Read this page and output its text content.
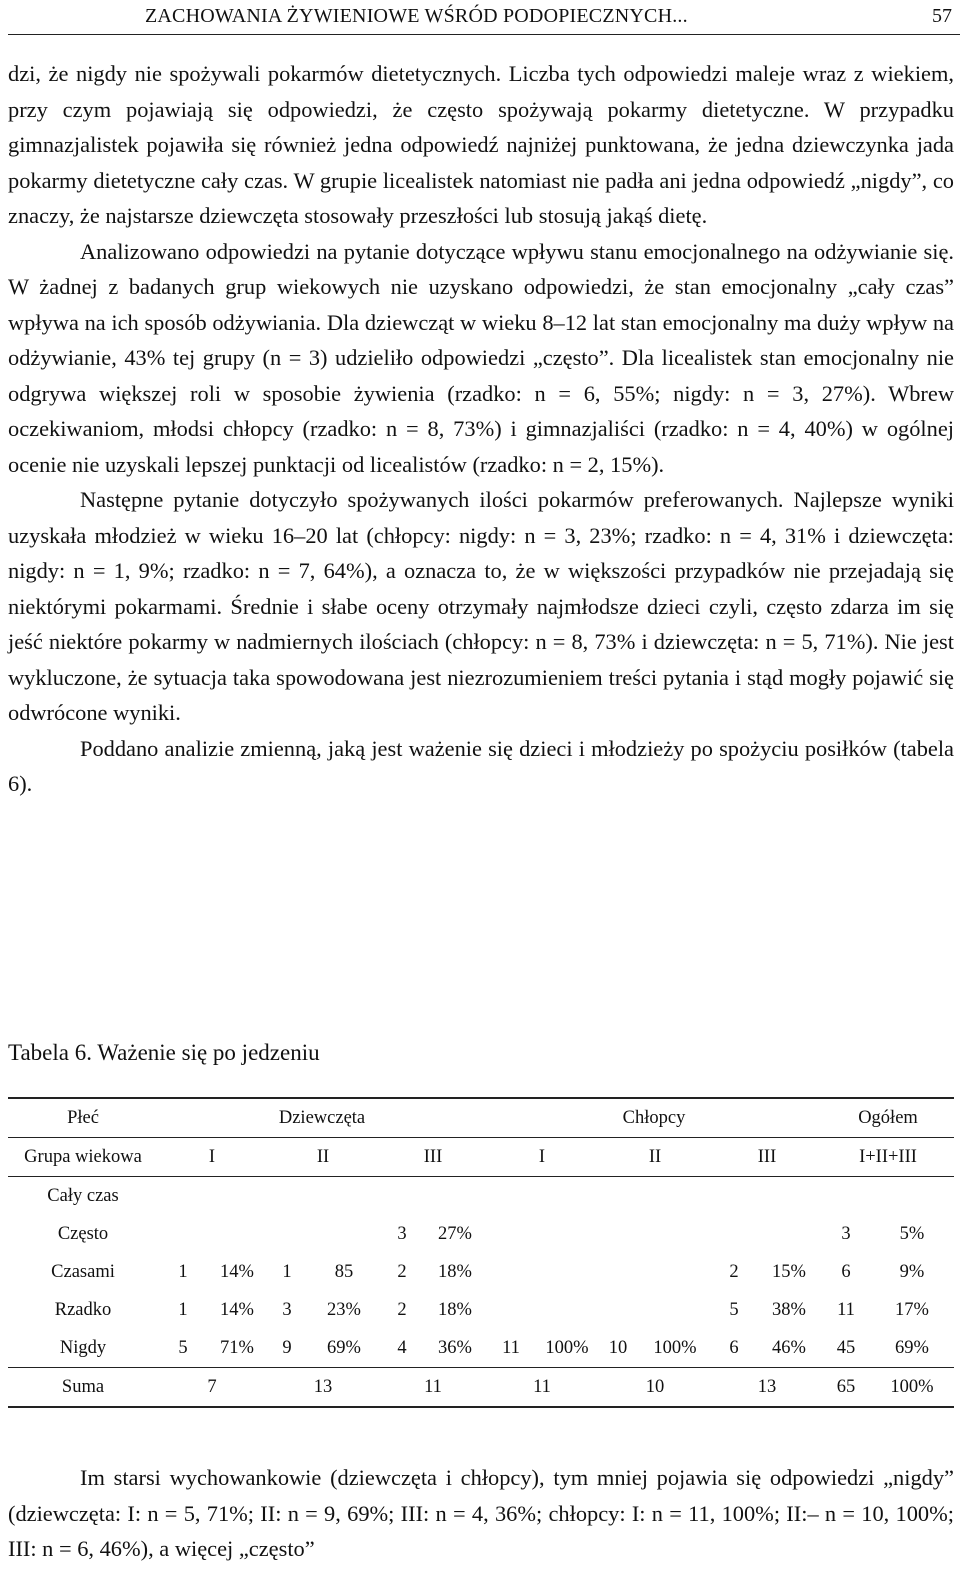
ZACHOWANIA ŻYWIENIOWE WŚRÓD PODOPIECZNYCH...	57

dzi, że nigdy nie spożywali pokarmów dietetycznych. Liczba tych odpowiedzi maleje wraz z wiekiem, przy czym pojawiają się odpowiedzi, że często spożywają pokarmy dietetyczne. W przypadku gimnazjalistek pojawiła się również jedna odpowiedź najniżej punktowana, że jedna dziewczynka jada pokarmy dietetyczne cały czas. W grupie licealistek natomiast nie padła ani jedna odpowiedź „nigdy”, co znaczy, że najstarsze dziewczęta stosowały przeszłości lub stosują jakąś dietę.

Analizowano odpowiedzi na pytanie dotyczące wpływu stanu emocjonalnego na odżywianie się. W żadnej z badanych grup wiekowych nie uzyskano odpowiedzi, że stan emocjonalny „cały czas” wpływa na ich sposób odżywiania. Dla dziewcząt w wieku 8–12 lat stan emocjonalny ma duży wpływ na odżywianie, 43% tej grupy (n = 3) udzieliło odpowiedzi „często”. Dla licealistek stan emocjonalny nie odgrywa większej roli w sposobie żywienia (rzadko: n = 6, 55%; nigdy: n = 3, 27%). Wbrew oczekiwaniom, młodsi chłopcy (rzadko: n = 8, 73%) i gimnazjaliści (rzadko: n = 4, 40%) w ogólnej ocenie nie uzyskali lepszej punktacji od licealistów (rzadko: n = 2, 15%).

Następne pytanie dotyczyło spożywanych ilości pokarmów preferowanych. Najlepsze wyniki uzyskała młodzież w wieku 16–20 lat (chłopcy: nigdy: n = 3, 23%; rzadko: n = 4, 31% i dziewczęta: nigdy: n = 1, 9%; rzadko: n = 7, 64%), a oznacza to, że w większości przypadków nie przejadają się niektórymi pokarmami. Średnie i słabe oceny otrzymały najmłodsze dzieci czyli, często zdarza im się jeść niektóre pokarmy w nadmiernych ilościach (chłopcy: n = 8, 73% i dziewczęta: n = 5, 71%). Nie jest wykluczone, że sytuacja taka spowodowana jest niezrozumieniem treści pytania i stąd mogły pojawić się odwrócone wyniki.

Poddano analizie zmienną, jaką jest ważenie się dzieci i młodzieży po spożyciu posiłków (tabela 6).

Tabela 6. Ważenie się po jedzeniu
Płeć	Dziewczęta						Chłopcy						Ogółem	
Grupa wiekowa	I		II		III		I		II		III		I+II+III	
Cały czas														
Często					3	27%							3	5%
Czasami	1	14%	1	85	2	18%					2	15%	6	9%
Rzadko	1	14%	3	23%	2	18%					5	38%	11	17%
Nigdy	5	71%	9	69%	4	36%	11	100%	10	100%	6	46%	45	69%
Suma	7		13		11		11		10		13		65	100%

Im starsi wychowankowie (dziewczęta i chłopcy), tym mniej pojawia się odpowiedzi „nigdy” (dziewczęta: I: n = 5, 71%; II: n = 9, 69%; III: n = 4, 36%; chłopcy: I: n = 11, 100%; II:– n = 10, 100%; III: n = 6, 46%), a więcej „często”
